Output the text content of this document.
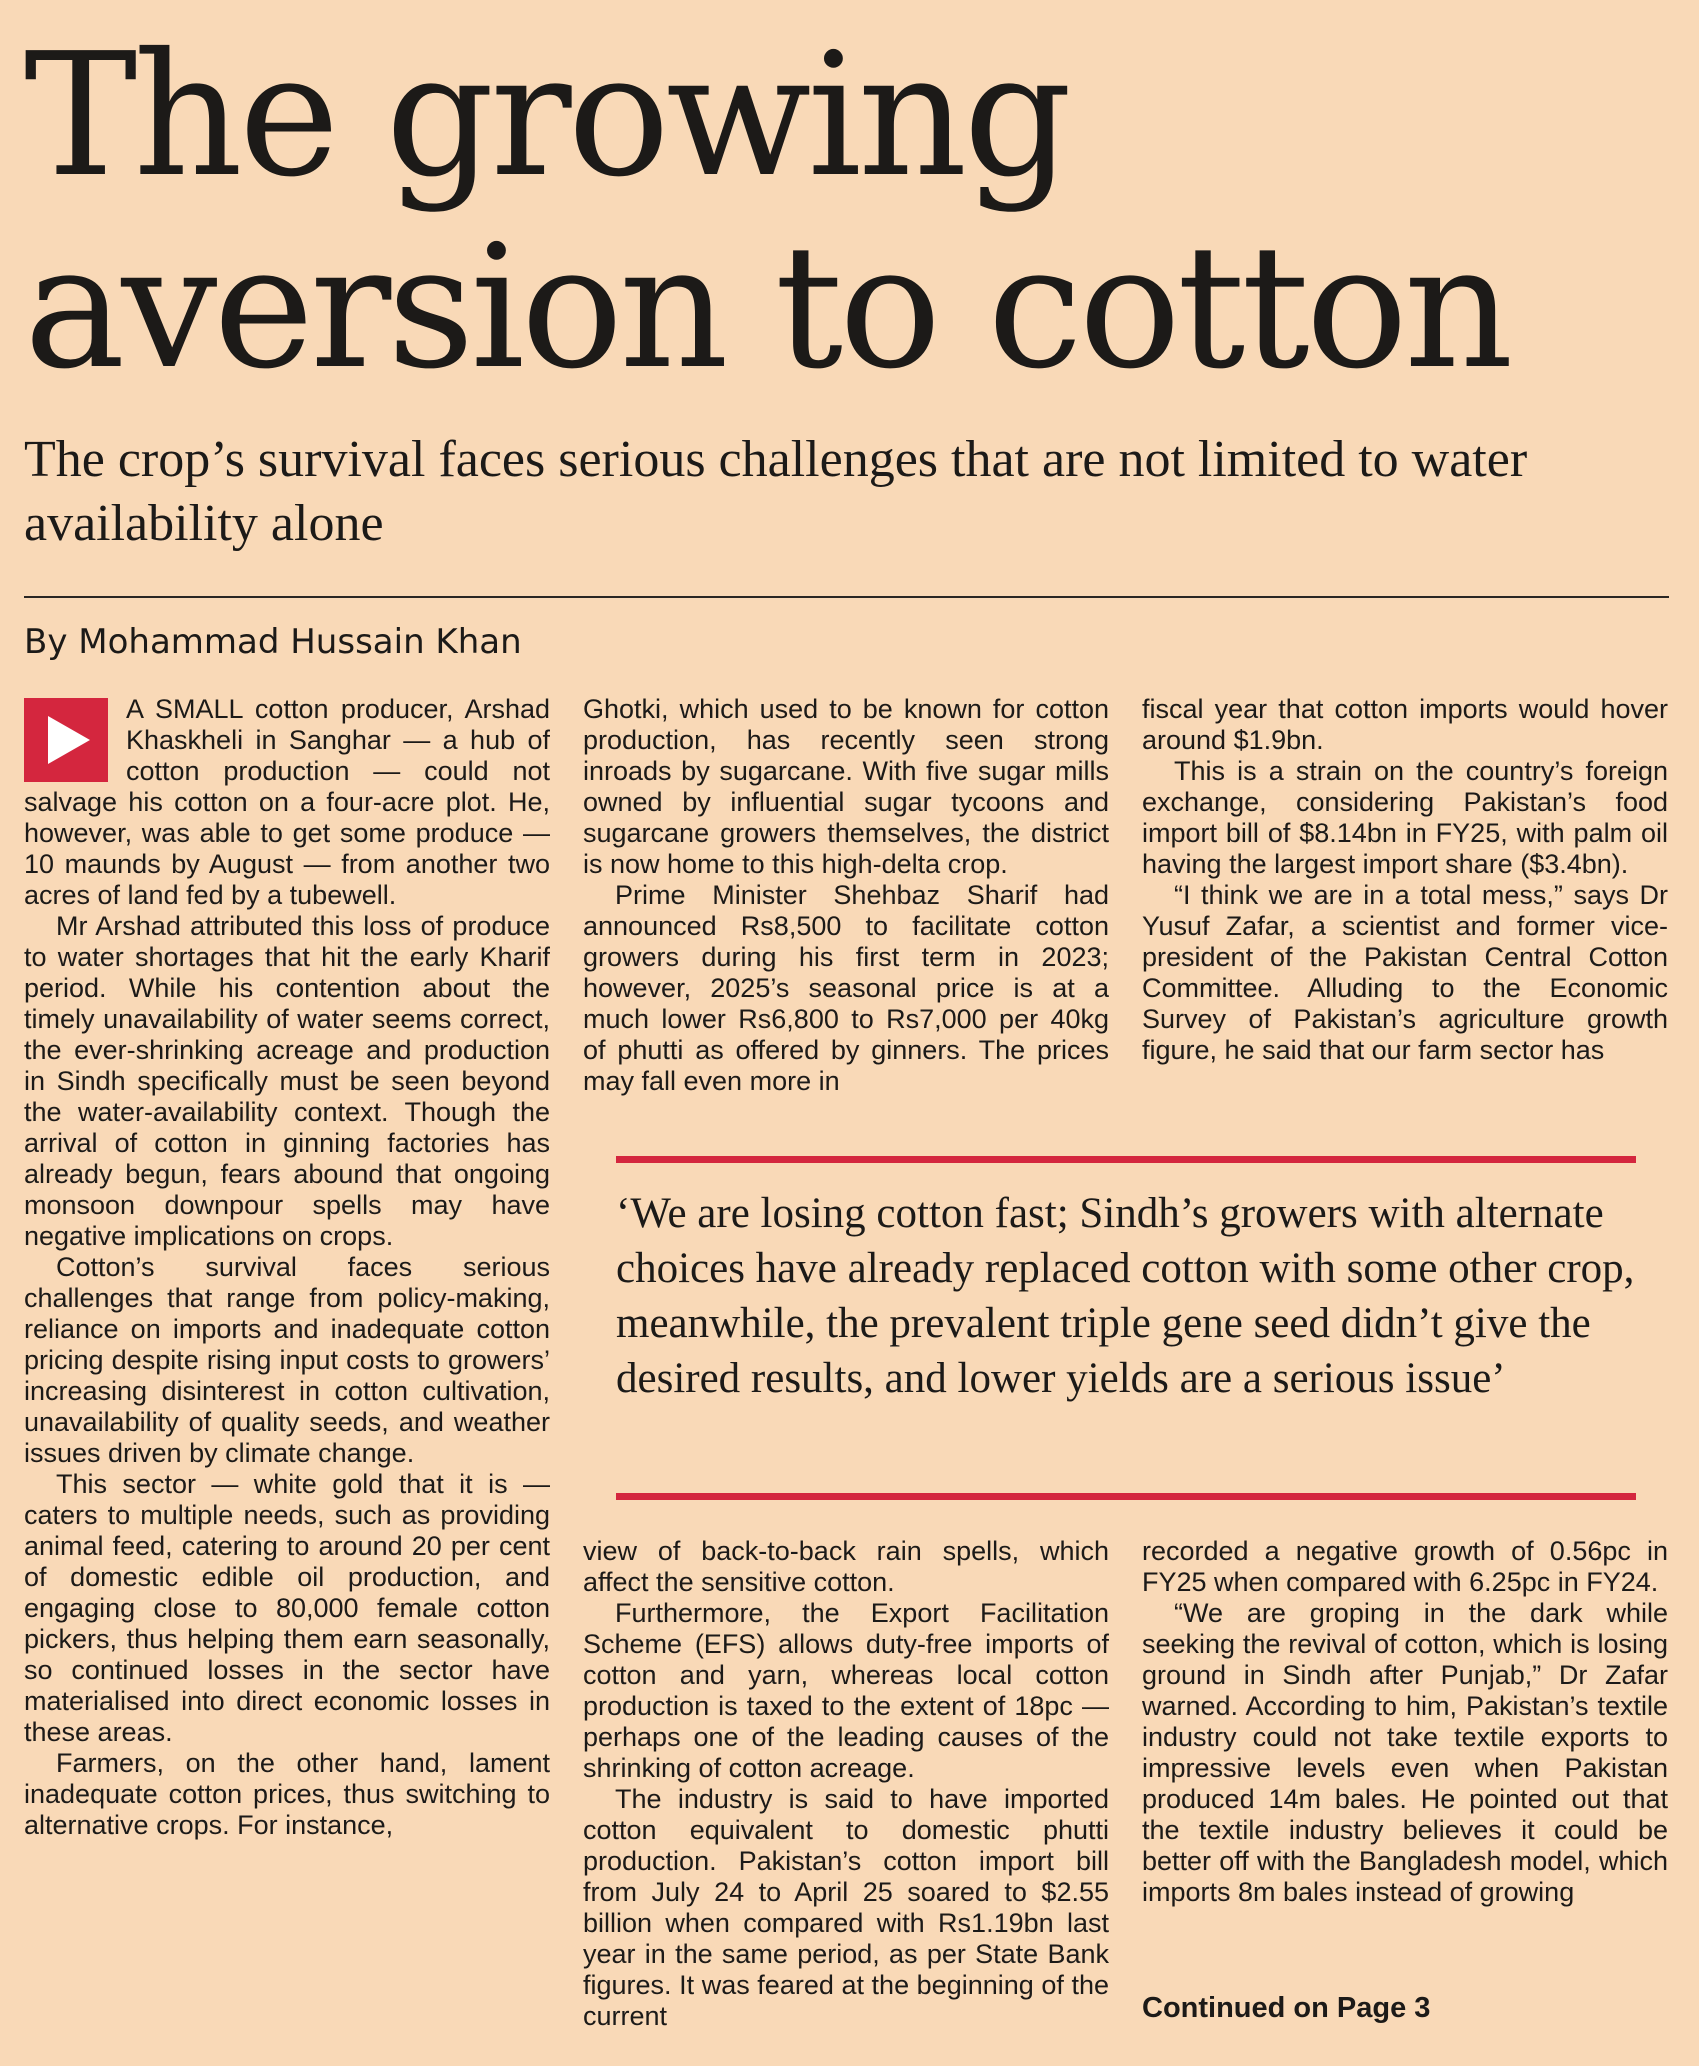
The growing
aversion to cotton

The crop’s survival faces serious challenges that are not limited to water availability alone

By Mohammad Hussain Khan

A SMALL cotton producer, Arshad Khaskheli in Sanghar — a hub of cotton production — could not salvage his cotton on a four-acre plot. He, however, was able to get some produce — 10 maunds by August — from another two acres of land fed by a tubewell.

Mr Arshad attributed this loss of produce to water shortages that hit the early Kharif period. While his contention about the timely unavailability of water seems correct, the ever-shrinking acreage and production in Sindh specifically must be seen beyond the water-availability context. Though the arrival of cotton in ginning factories has already begun, fears abound that ongoing monsoon downpour spells may have negative implications on crops.

Cotton’s survival faces serious challenges that range from policy-making, reliance on imports and inadequate cotton pricing despite rising input costs to growers’ increasing disinterest in cotton cultivation, unavailability of quality seeds, and weather issues driven by climate change.

This sector — white gold that it is — caters to multiple needs, such as providing animal feed, catering to around 20 per cent of domestic edible oil production, and engaging close to 80,000 female cotton pickers, thus helping them earn seasonally, so continued losses in the sector have materialised into direct economic losses in these areas.

Farmers, on the other hand, lament inadequate cotton prices, thus switching to alternative crops. For instance,

Ghotki, which used to be known for cotton production, has recently seen strong inroads by sugarcane. With five sugar mills owned by influential sugar tycoons and sugarcane growers themselves, the district is now home to this high-delta crop.

Prime Minister Shehbaz Sharif had announced Rs8,500 to facilitate cotton growers during his first term in 2023; however, 2025’s seasonal price is at a much lower Rs6,800 to Rs7,000 per 40kg of phutti as offered by ginners. The prices may fall even more in

fiscal year that cotton imports would hover around $1.9bn.

This is a strain on the country’s foreign exchange, considering Pakistan’s food import bill of $8.14bn in FY25, with palm oil having the largest import share ($3.4bn).

“I think we are in a total mess,” says Dr Yusuf Zafar, a scientist and former vice-president of the Pakistan Central Cotton Committee. Alluding to the Economic Survey of Pakistan’s agriculture growth figure, he said that our farm sector has

‘We are losing cotton fast; Sindh’s growers with alternate choices have already replaced cotton with some other crop, meanwhile, the prevalent triple gene seed didn’t give the desired results, and lower yields are a serious issue’

view of back-to-back rain spells, which affect the sensitive cotton.

Furthermore, the Export Facilitation Scheme (EFS) allows duty-free imports of cotton and yarn, whereas local cotton production is taxed to the extent of 18pc — perhaps one of the leading causes of the shrinking of cotton acreage.

The industry is said to have imported cotton equivalent to domestic phutti production. Pakistan’s cotton import bill from July 24 to April 25 soared to $2.55 billion when compared with Rs1.19bn last year in the same period, as per State Bank figures. It was feared at the beginning of the current

recorded a negative growth of 0.56pc in FY25 when compared with 6.25pc in FY24.

“We are groping in the dark while seeking the revival of cotton, which is losing ground in Sindh after Punjab,” Dr Zafar warned. According to him, Pakistan’s textile industry could not take textile exports to impressive levels even when Pakistan produced 14m bales. He pointed out that the textile industry believes it could be better off with the Bangladesh model, which imports 8m bales instead of growing

Continued on Page 3
